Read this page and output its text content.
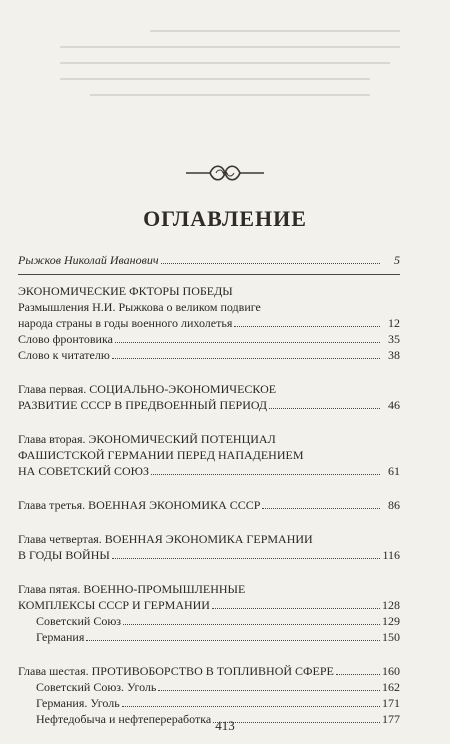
ОГЛАВЛЕНИЕ
Рыжков Николай Иванович	5
ЭКОНОМИЧЕСКИЕ ФКТОРЫ ПОБЕДЫ
Размышления Н.И. Рыжкова о великом подвиге
народа страны в годы военного лихолетья	12
Слово фронтовика	35
Слово к читателю	38
Глава первая. СОЦИАЛЬНО-ЭКОНОМИЧЕСКОЕ
РАЗВИТИЕ СССР В ПРЕДВОЕННЫЙ ПЕРИОД	46
Глава вторая. ЭКОНОМИЧЕСКИЙ ПОТЕНЦИАЛ
ФАШИСТСКОЙ ГЕРМАНИИ ПЕРЕД НАПАДЕНИЕМ
НА СОВЕТСКИЙ СОЮЗ	61
Глава третья. ВОЕННАЯ ЭКОНОМИКА СССР	86
Глава четвертая. ВОЕННАЯ ЭКОНОМИКА ГЕРМАНИИ
В ГОДЫ ВОЙНЫ	116
Глава пятая. ВОЕННО-ПРОМЫШЛЕННЫЕ
КОМПЛЕКСЫ СССР И ГЕРМАНИИ	128
Советский Союз	129
Германия	150
Глава шестая. ПРОТИВОБОРСТВО В ТОПЛИВНОЙ СФЕРЕ	160
Советский Союз. Уголь	162
Германия. Уголь	171
Нефтедобыча и нефтепереработка	177
413
